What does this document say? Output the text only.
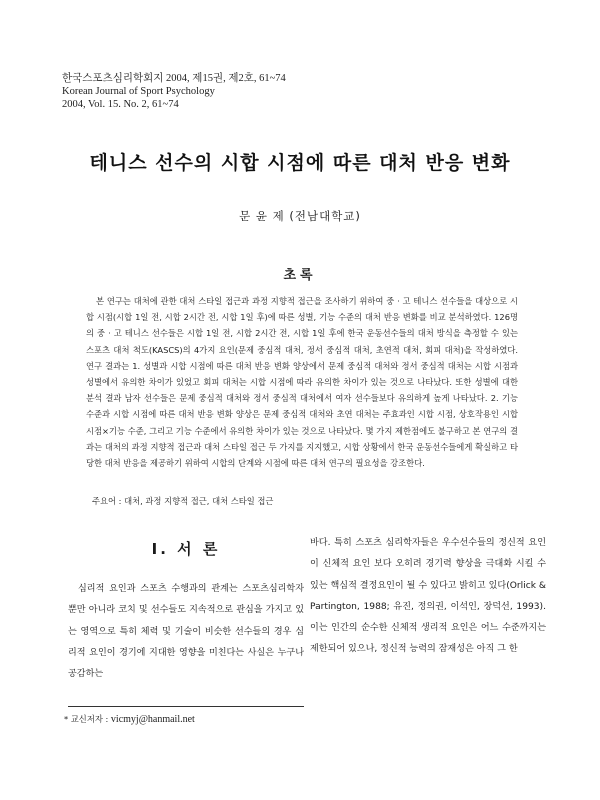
한국스포츠심리학회지 2004, 제15권, 제2호, 61~74
Korean Journal of Sport Psychology
2004, Vol. 15. No. 2, 61~74
테니스 선수의 시합 시점에 따른 대처 반응 변화
문 윤 제 (전남대학교)
초록
본 연구는 대처에 관한 대처 스타일 접근과 과정 지향적 접근을 조사하기 위하여 중 · 고 테니스 선수들을 대상으로 시합 시점(시합 1일 전, 시합 2시간 전, 시합 1일 후)에 따른 성별, 기능 수준의 대처 반응 변화를 비교 분석하였다. 126명의 중 · 고 테니스 선수들은 시합 1일 전, 시합 2시간 전, 시합 1일 후에 한국 운동선수들의 대처 방식을 측정할 수 있는 스포츠 대처 척도(KASCS)의 4가지 요인(문제 중심적 대처, 정서 중심적 대처, 초연적 대처, 회피 대처)을 작성하였다. 연구 결과는 1. 성별과 시합 시점에 따른 대처 반응 변화 양상에서 문제 중심적 대처와 정서 중심적 대처는 시합 시점과 성별에서 유의한 차이가 있었고 회피 대처는 시합 시점에 따라 유의한 차이가 있는 것으로 나타났다. 또한 성별에 대한 분석 결과 남자 선수들은 문제 중심적 대처와 정서 중심적 대처에서 여자 선수들보다 유의하게 높게 나타났다. 2. 기능 수준과 시합 시점에 따른 대처 반응 변화 양상은 문제 중심적 대처와 초연 대처는 주효과인 시합 시점, 상호작용인 시합 시점×기능 수준, 그리고 기능 수준에서 유의한 차이가 있는 것으로 나타났다. 몇 가지 제한점에도 불구하고 본 연구의 결과는 대처의 과정 지향적 접근과 대처 스타일 접근 두 가지를 지지했고, 시합 상황에서 한국 운동선수들에게 확실하고 타당한 대처 반응을 제공하기 위하여 시합의 단계와 시점에 따른 대처 연구의 필요성을 강조한다.
주요어 : 대처, 과정 지향적 접근, 대처 스타일 접근
Ⅰ. 서 론
심리적 요인과 스포츠 수행과의 관계는 스포츠심리학자 뿐만 아니라 코치 및 선수들도 지속적으로 관심을 가지고 있는 영역으로 특히 체력 및 기술이 비슷한 선수들의 경우 심리적 요인이 경기에 지대한 영향을 미친다는 사실은 누구나 공감하는
바다. 특히 스포츠 심리학자들은 우수선수들의 정신적 요인이 신체적 요인 보다 오히려 경기력 향상을 극대화 시킬 수 있는 핵심적 결정요인이 될 수 있다고 밝히고 있다(Orlick & Partington, 1988; 유진, 정의권, 이석인, 장덕선, 1993). 이는 인간의 순수한 신체적 생리적 요인은 어느 수준까지는 제한되어 있으나, 정신적 능력의 잠재성은 아직 그 한
* 교신저자 : vicmyj@hanmail.net
